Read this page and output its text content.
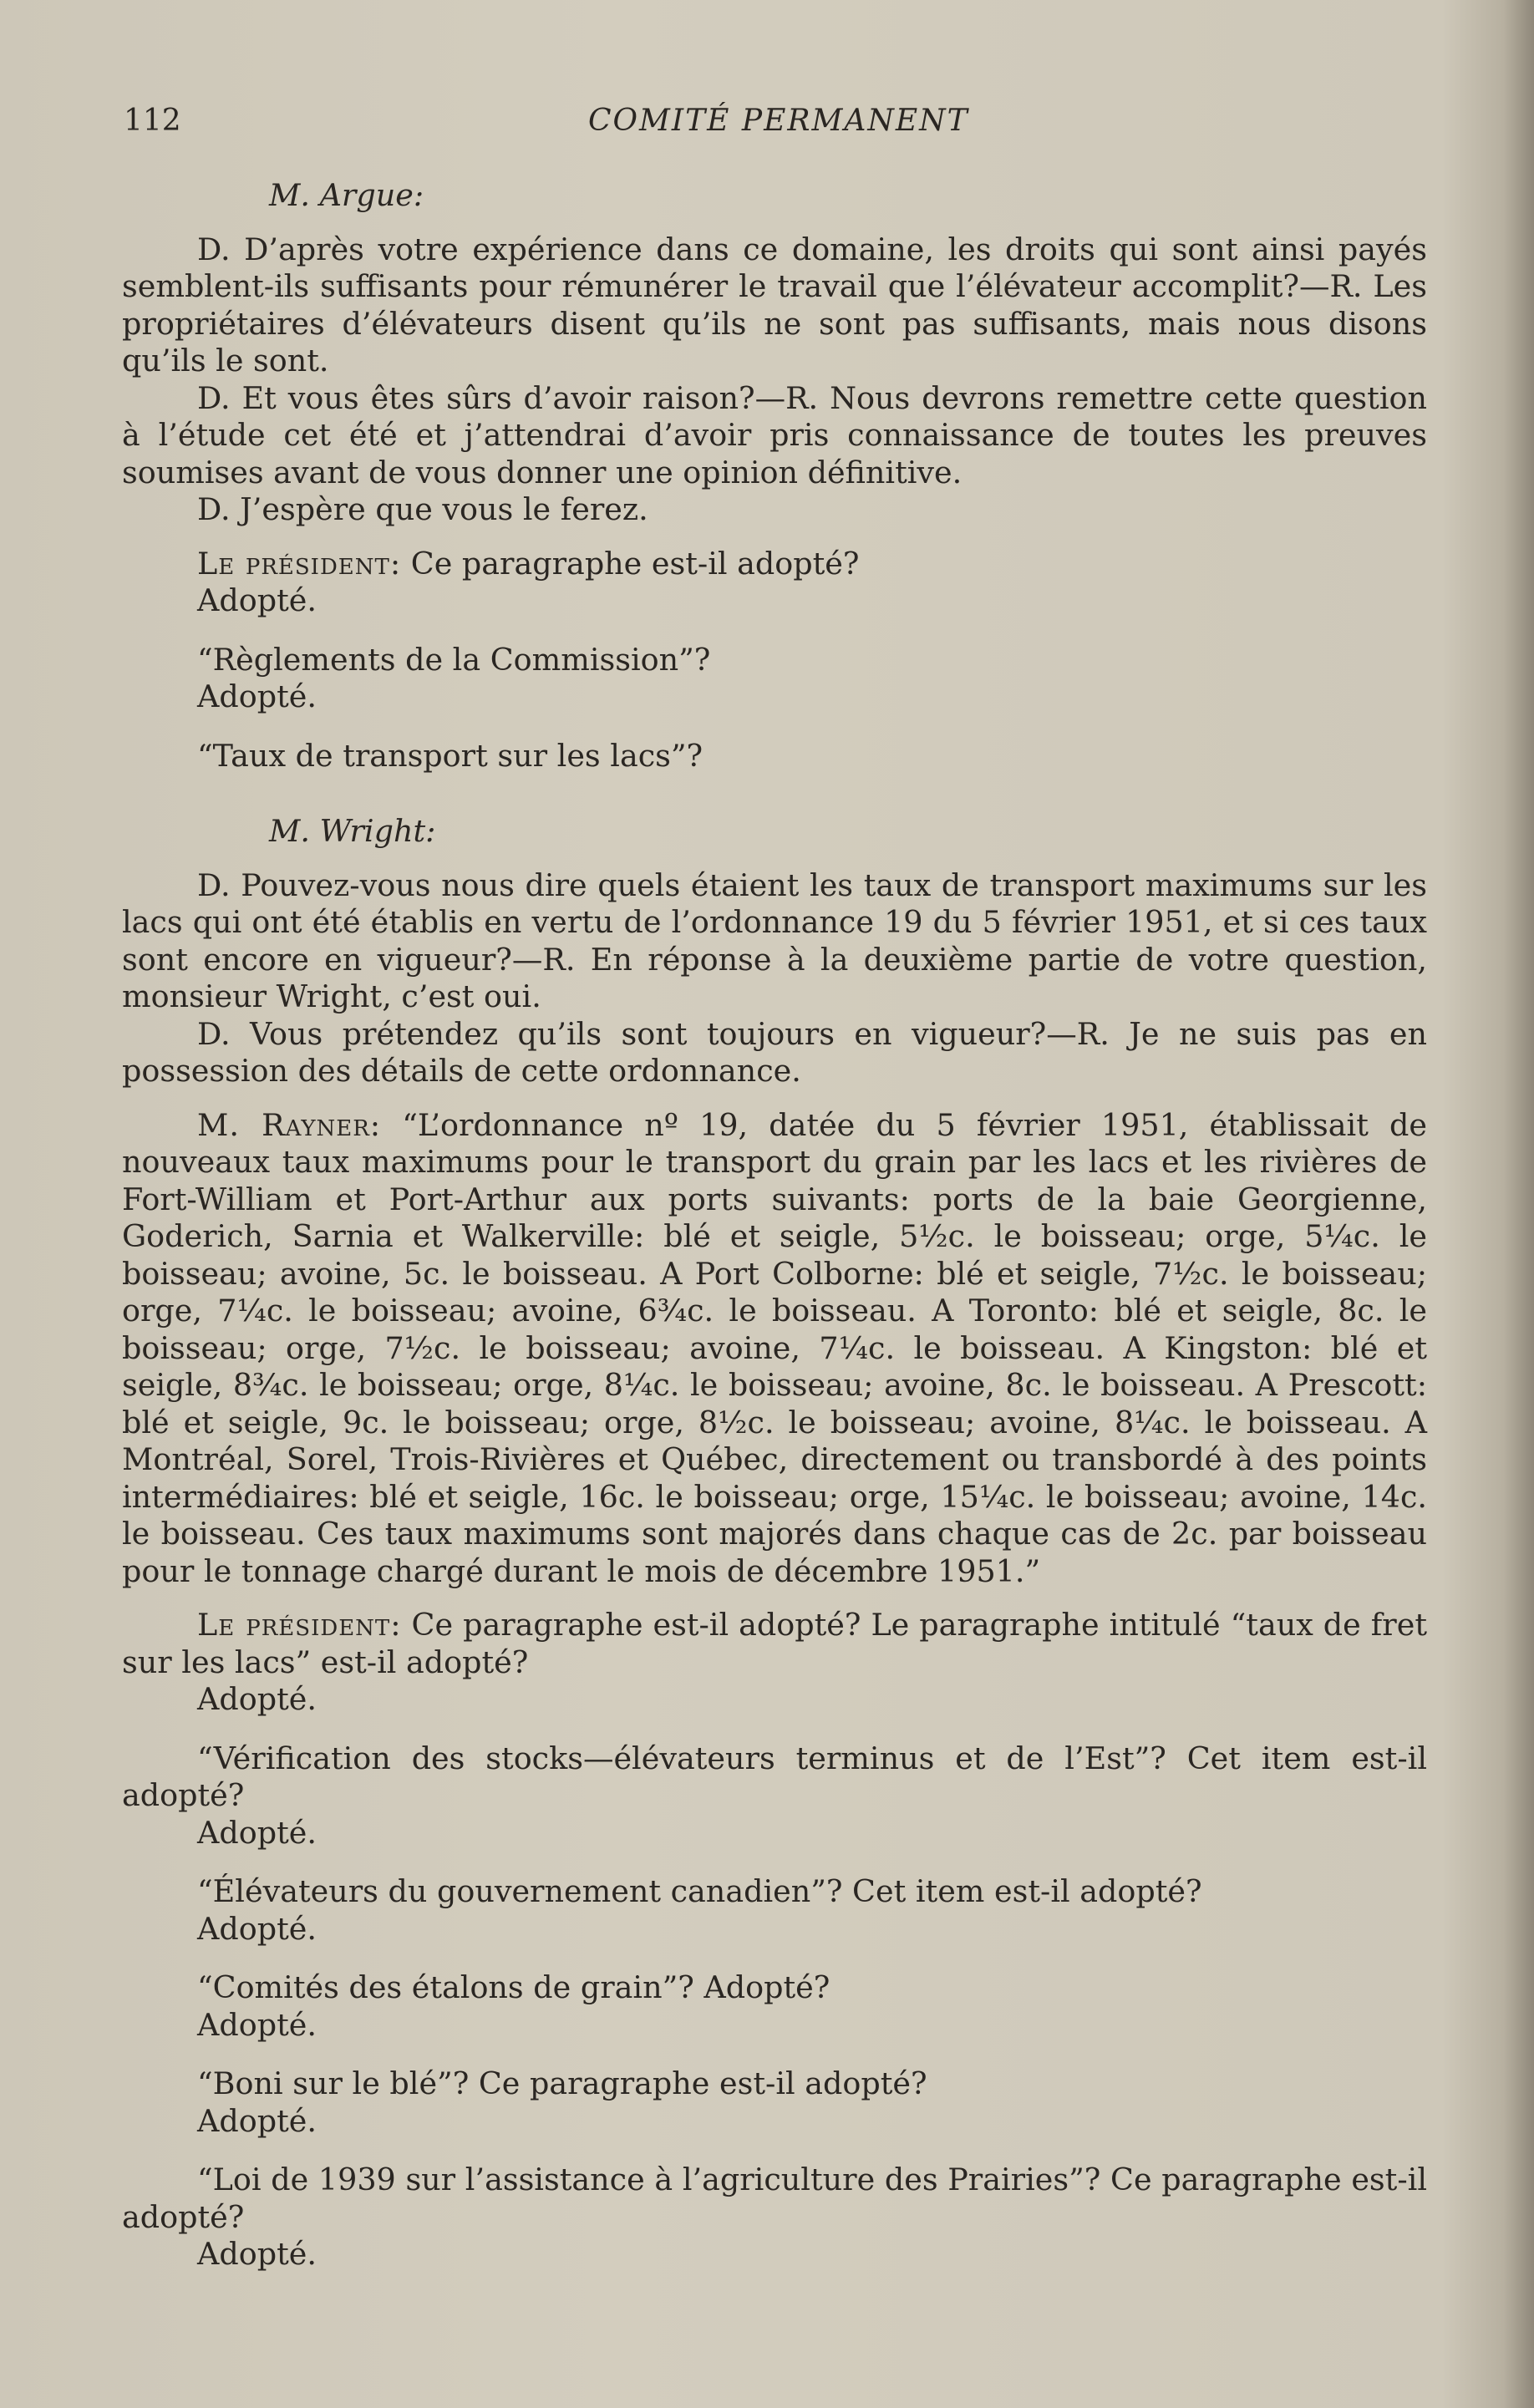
112	COMITÉ PERMANENT

M. Argue:

D. D’après votre expérience dans ce domaine, les droits qui sont ainsi payés semblent-ils suffisants pour rémunérer le travail que l’élévateur accomplit?—R. Les propriétaires d’élévateurs disent qu’ils ne sont pas suffisants, mais nous disons qu’ils le sont.

D. Et vous êtes sûrs d’avoir raison?—R. Nous devrons remettre cette question à l’étude cet été et j’attendrai d’avoir pris connaissance de toutes les preuves soumises avant de vous donner une opinion définitive.

D. J’espère que vous le ferez.

Le président: Ce paragraphe est-il adopté?

Adopté.

“Règlements de la Commission”?

Adopté.

“Taux de transport sur les lacs”?

M. Wright:

D. Pouvez-vous nous dire quels étaient les taux de transport maximums sur les lacs qui ont été établis en vertu de l’ordonnance 19 du 5 février 1951, et si ces taux sont encore en vigueur?—R. En réponse à la deuxième partie de votre question, monsieur Wright, c’est oui.

D. Vous prétendez qu’ils sont toujours en vigueur?—R. Je ne suis pas en possession des détails de cette ordonnance.

M. Rayner: “L’ordonnance nº 19, datée du 5 février 1951, établissait de nouveaux taux maximums pour le transport du grain par les lacs et les rivières de Fort-William et Port-Arthur aux ports suivants: ports de la baie Georgienne, Goderich, Sarnia et Walkerville: blé et seigle, 5½c. le boisseau; orge, 5¼c. le boisseau; avoine, 5c. le boisseau. A Port Colborne: blé et seigle, 7½c. le boisseau; orge, 7¼c. le boisseau; avoine, 6¾c. le boisseau. A Toronto: blé et seigle, 8c. le boisseau; orge, 7½c. le boisseau; avoine, 7¼c. le boisseau. A Kingston: blé et seigle, 8¾c. le boisseau; orge, 8¼c. le boisseau; avoine, 8c. le boisseau. A Prescott: blé et seigle, 9c. le boisseau; orge, 8½c. le boisseau; avoine, 8¼c. le boisseau. A Montréal, Sorel, Trois-Rivières et Québec, directement ou transbordé à des points intermédiaires: blé et seigle, 16c. le boisseau; orge, 15¼c. le boisseau; avoine, 14c. le boisseau. Ces taux maximums sont majorés dans chaque cas de 2c. par boisseau pour le tonnage chargé durant le mois de décembre 1951.”

Le président: Ce paragraphe est-il adopté? Le paragraphe intitulé “taux de fret sur les lacs” est-il adopté?

Adopté.

“Vérification des stocks—élévateurs terminus et de l’Est”? Cet item est-il adopté?

Adopté.

“Élévateurs du gouvernement canadien”? Cet item est-il adopté?

Adopté.

“Comités des étalons de grain”? Adopté?

Adopté.

“Boni sur le blé”? Ce paragraphe est-il adopté?

Adopté.

“Loi de 1939 sur l’assistance à l’agriculture des Prairies”? Ce paragraphe est-il adopté?

Adopté.
